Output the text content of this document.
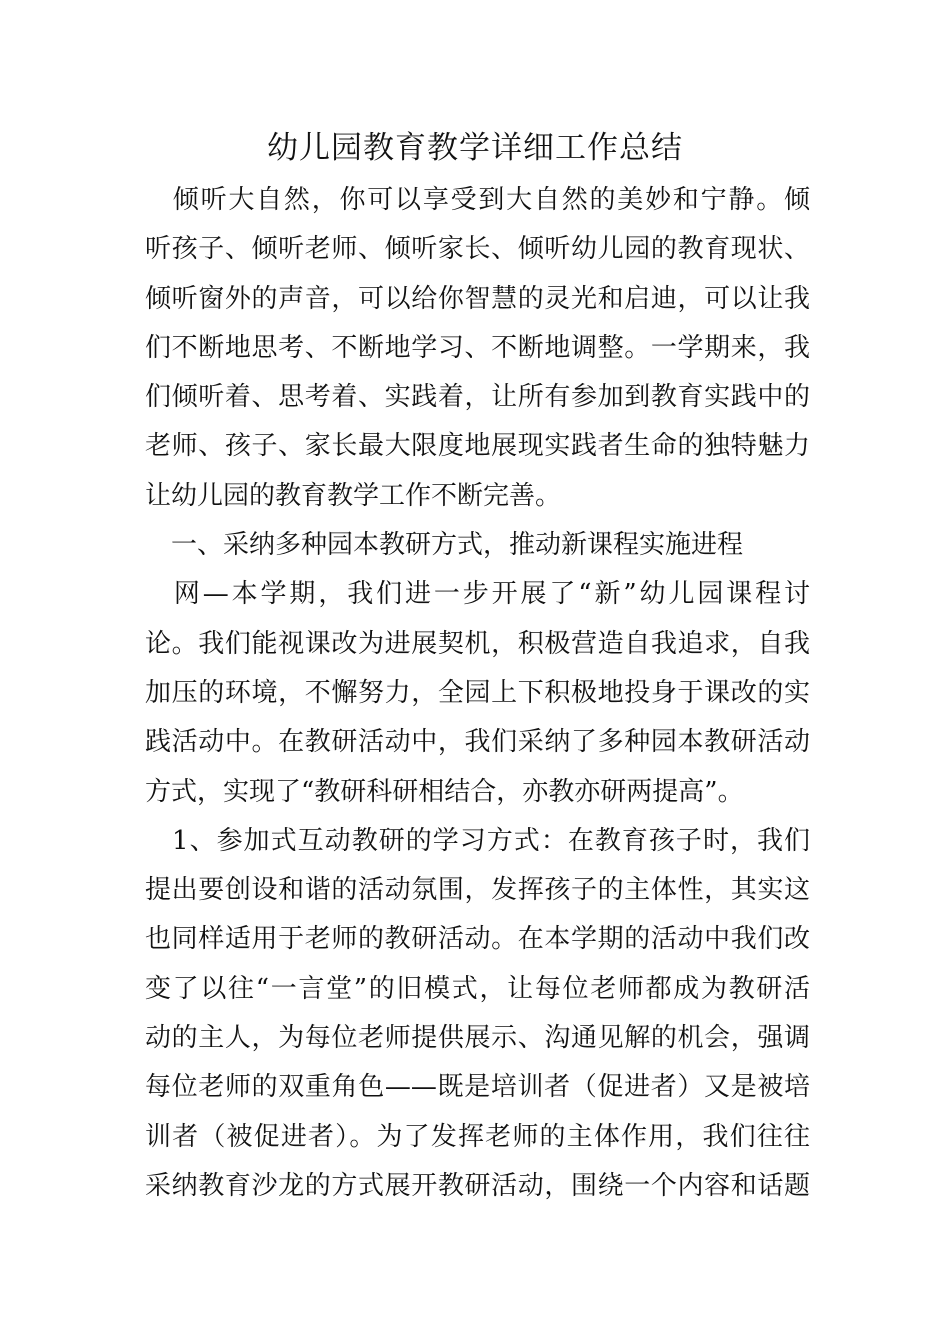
幼儿园教育教学详细工作总结
　倾听大自然，你可以享受到大自然的美妙和宁静。倾
听孩子、倾听老师、倾听家长、倾听幼儿园的教育现状、
倾听窗外的声音，可以给你智慧的灵光和启迪，可以让我
们不断地思考、不断地学习、不断地调整。一学期来，我
们倾听着、思考着、实践着，让所有参加到教育实践中的
老师、孩子、家长最大限度地展现实践者生命的独特魅力
让幼儿园的教育教学工作不断完善。
　一、采纳多种园本教研方式，推动新课程实施进程
　网—本学期，我们进一步开展了“新”幼儿园课程讨
论。我们能视课改为进展契机，积极营造自我追求，自我
加压的环境，不懈努力，全园上下积极地投身于课改的实
践活动中。在教研活动中，我们采纳了多种园本教研活动
方式，实现了“教研科研相结合，亦教亦研两提高”。
　1、参加式互动教研的学习方式：在教育孩子时，我们
提出要创设和谐的活动氛围，发挥孩子的主体性，其实这
也同样适用于老师的教研活动。在本学期的活动中我们改
变了以往“一言堂”的旧模式，让每位老师都成为教研活
动的主人，为每位老师提供展示、沟通见解的机会，强调
每位老师的双重角色——既是培训者（促进者）又是被培
训者（被促进者）。为了发挥老师的主体作用，我们往往
采纳教育沙龙的方式展开教研活动，围绕一个内容和话题
